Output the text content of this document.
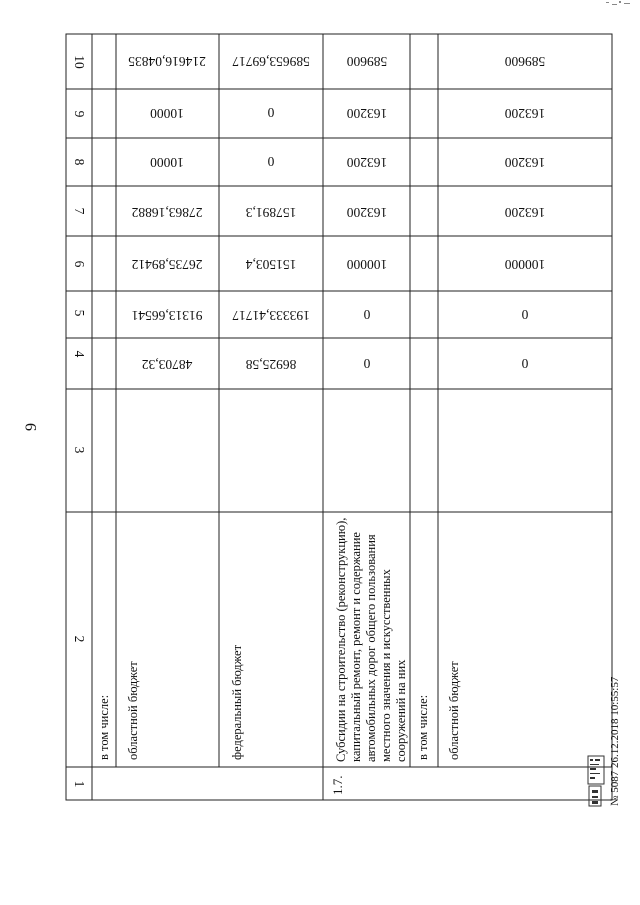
9
1
2
3
4
5
6
7
8
9
10
в том числе: областной бюджет	федеральный бюджет	Субсидии на строительство (реконструкцию),
капитальный ремонт, ремонт и содержание
автомобильных дорог общего пользования
местного значения и искусственных
сооружений на них
в том числе: областной бюджет
1.7.
48703,32
91313,66541
26735,89412
27863,16882
10000
10000
214616,04835
86925,58
193333,41717
151503,4
157891,3
0
0
589653,69717
0
0
100000
163200
163200
163200
589600
0
0
100000
163200
163200
163200
589600
№ 5087 26.12.2018 10:55:57
